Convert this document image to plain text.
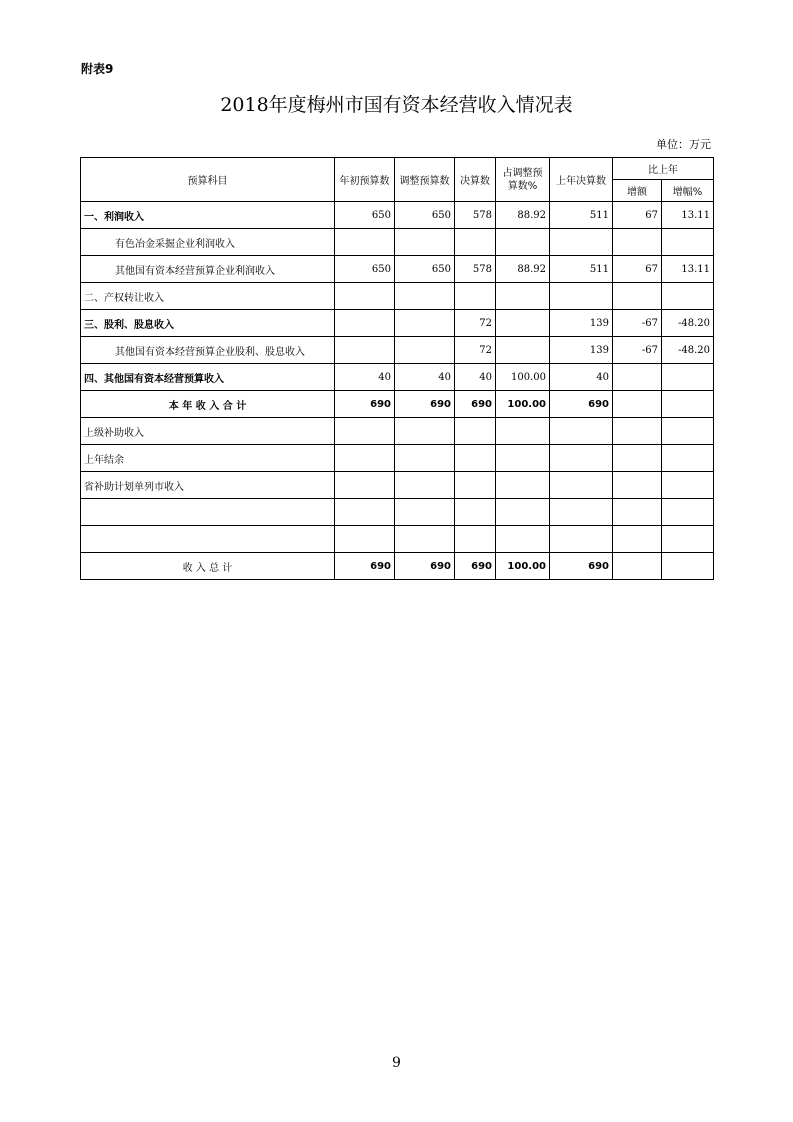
附表9
2018年度梅州市国有资本经营收入情况表
单位：万元
预算科目	年初预算数	调整预算数	决算数	占调整预算数%	上年决算数	比上年	
						增额	增幅%
一、利润收入	650	650	578	88.92	511	67	13.11
有色冶金采掘企业利润收入							
其他国有资本经营预算企业利润收入	650	650	578	88.92	511	67	13.11
二、产权转让收入							
三、股利、股息收入			72		139	-67	-48.20
其他国有资本经营预算企业股利、股息收入			72		139	-67	-48.20
四、其他国有资本经营预算收入	40	40	40	100.00	40		
本 年 收 入 合 计	690	690	690	100.00	690		
上级补助收入							
上年结余							
省补助计划单列市收入							

收 入 总 计	690	690	690	100.00	690		
9
